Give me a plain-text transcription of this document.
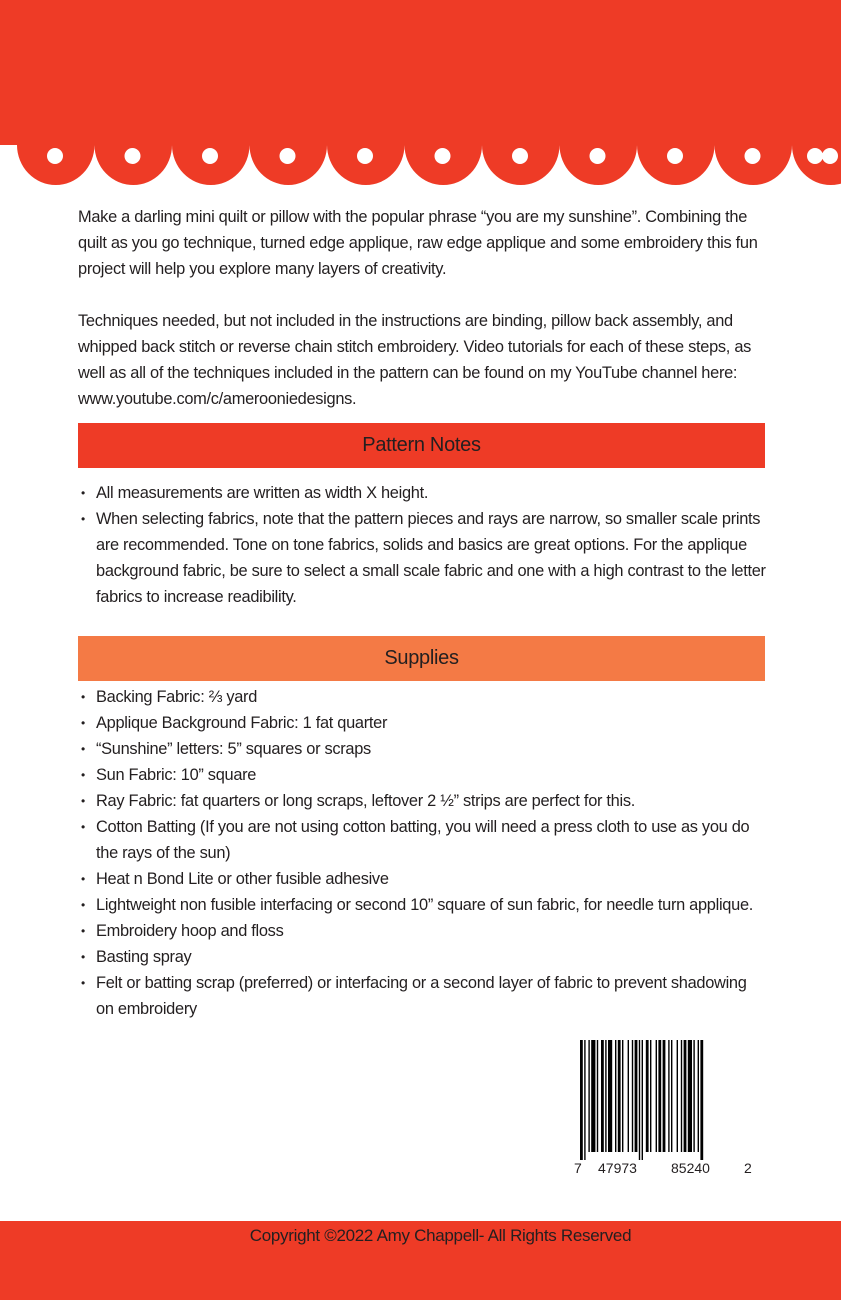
Make a darling mini quilt or pillow with the popular phrase “you are my sunshine”. Combining the quilt as you go technique, turned edge applique, raw edge applique and some embroidery this fun project will help you explore many layers of creativity.

Techniques needed, but not included in the instructions are binding, pillow back assembly, and whipped back stitch or reverse chain stitch embroidery. Video tutorials for each of these steps, as well as all of the techniques included in the pattern can be found on my YouTube channel here: www.youtube.com/c/amerooniedesigns.

Pattern Notes
• All measurements are written as width X height.
• When selecting fabrics, note that the pattern pieces and rays are narrow, so smaller scale prints are recommended. Tone on tone fabrics, solids and basics are great options. For the applique background fabric, be sure to select a small scale fabric and one with a high contrast to the letter fabrics to increase readibility.
Supplies
• Backing Fabric: ⅔ yard
• Applique Background Fabric: 1 fat quarter
• “Sunshine” letters: 5” squares or scraps
• Sun Fabric: 10” square
• Ray Fabric: fat quarters or long scraps, leftover 2 ½” strips are perfect for this.
• Cotton Batting (If you are not using cotton batting, you will need a press cloth to use as you do the rays of the sun)
• Heat n Bond Lite or other fusible adhesive
• Lightweight non fusible interfacing or second 10” square of sun fabric, for needle turn applique.
• Embroidery hoop and floss
• Basting spray
• Felt or batting scrap (preferred) or interfacing or a second layer of fabric to prevent shadowing on embroidery
7 47973 85240 2
Copyright ©2022 Amy Chappell- All Rights Reserved
